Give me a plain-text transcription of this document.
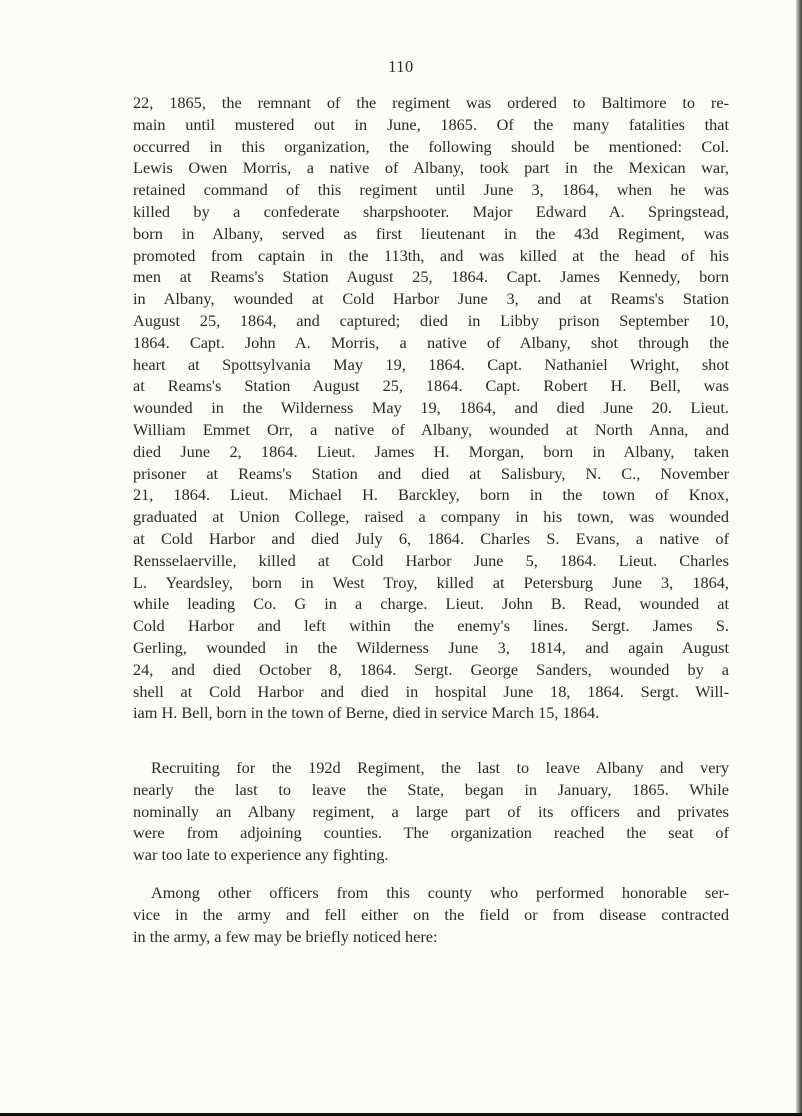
110
22, 1865, the remnant of the regiment was ordered to Baltimore to re-
main until mustered out in June, 1865. Of the many fatalities that
occurred in this organization, the following should be mentioned: Col.
Lewis Owen Morris, a native of Albany, took part in the Mexican war,
retained command of this regiment until June 3, 1864, when he was
killed by a confederate sharpshooter. Major Edward A. Springstead,
born in Albany, served as first lieutenant in the 43d Regiment, was
promoted from captain in the 113th, and was killed at the head of his
men at Reams's Station August 25, 1864. Capt. James Kennedy, born
in Albany, wounded at Cold Harbor June 3, and at Reams's Station
August 25, 1864, and captured; died in Libby prison September 10,
1864. Capt. John A. Morris, a native of Albany, shot through the
heart at Spottsylvania May 19, 1864. Capt. Nathaniel Wright, shot
at Reams's Station August 25, 1864. Capt. Robert H. Bell, was
wounded in the Wilderness May 19, 1864, and died June 20. Lieut.
William Emmet Orr, a native of Albany, wounded at North Anna, and
died June 2, 1864. Lieut. James H. Morgan, born in Albany, taken
prisoner at Reams's Station and died at Salisbury, N. C., November
21, 1864. Lieut. Michael H. Barckley, born in the town of Knox,
graduated at Union College, raised a company in his town, was wounded
at Cold Harbor and died July 6, 1864. Charles S. Evans, a native of
Rensselaerville, killed at Cold Harbor June 5, 1864. Lieut. Charles
L. Yeardsley, born in West Troy, killed at Petersburg June 3, 1864,
while leading Co. G in a charge. Lieut. John B. Read, wounded at
Cold Harbor and left within the enemy's lines. Sergt. James S.
Gerling, wounded in the Wilderness June 3, 1814, and again August
24, and died October 8, 1864. Sergt. George Sanders, wounded by a
shell at Cold Harbor and died in hospital June 18, 1864. Sergt. Will-
iam H. Bell, born in the town of Berne, died in service March 15, 1864.
Recruiting for the 192d Regiment, the last to leave Albany and very
nearly the last to leave the State, began in January, 1865. While
nominally an Albany regiment, a large part of its officers and privates
were from adjoining counties. The organization reached the seat of
war too late to experience any fighting.
Among other officers from this county who performed honorable ser-
vice in the army and fell either on the field or from disease contracted
in the army, a few may be briefly noticed here:
